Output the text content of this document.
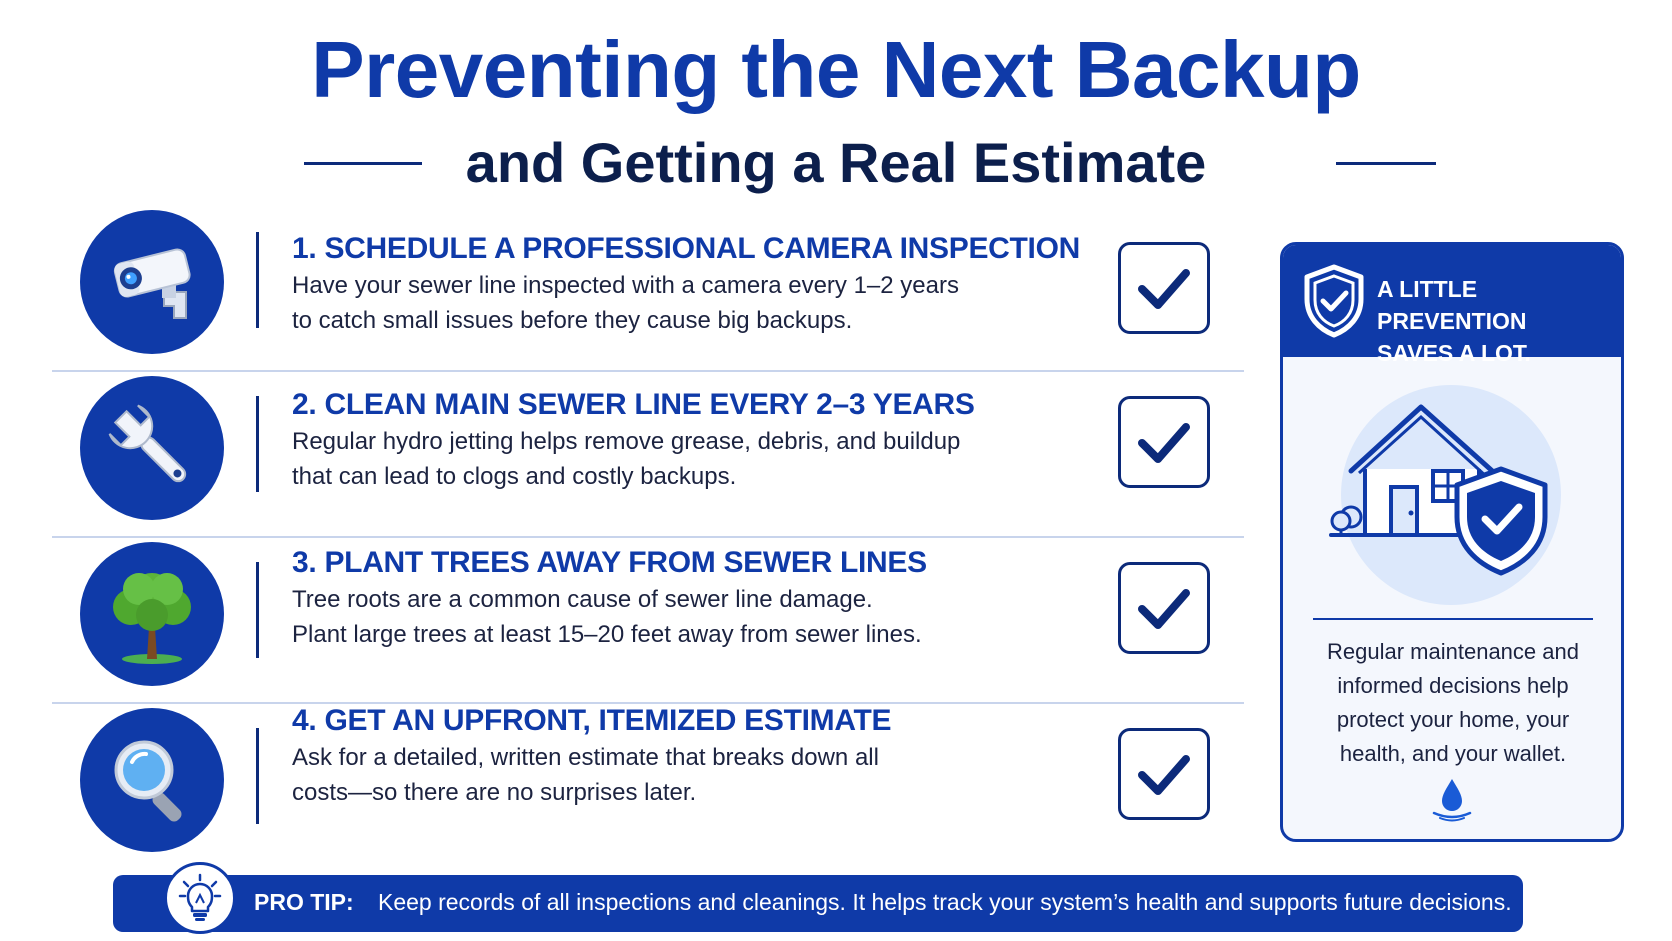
Preventing the Next Backup
and Getting a Real Estimate
1. SCHEDULE A PROFESSIONAL CAMERA INSPECTION
Have your sewer line inspected with a camera every 1–2 years
to catch small issues before they cause big backups.
2. CLEAN MAIN SEWER LINE EVERY 2–3 YEARS
Regular hydro jetting helps remove grease, debris, and buildup
that can lead to clogs and costly backups.
3. PLANT TREES AWAY FROM SEWER LINES
Tree roots are a common cause of sewer line damage.
Plant large trees at least 15–20 feet away from sewer lines.
4. GET AN UPFRONT, ITEMIZED ESTIMATE
Ask for a detailed, written estimate that breaks down all
costs—so there are no surprises later.
A LITTLE PREVENTION
SAVES A LOT.
Regular maintenance and
informed decisions help
protect your home, your
health, and your wallet.
PRO TIP: Keep records of all inspections and cleanings. It helps track your system’s health and supports future decisions.
